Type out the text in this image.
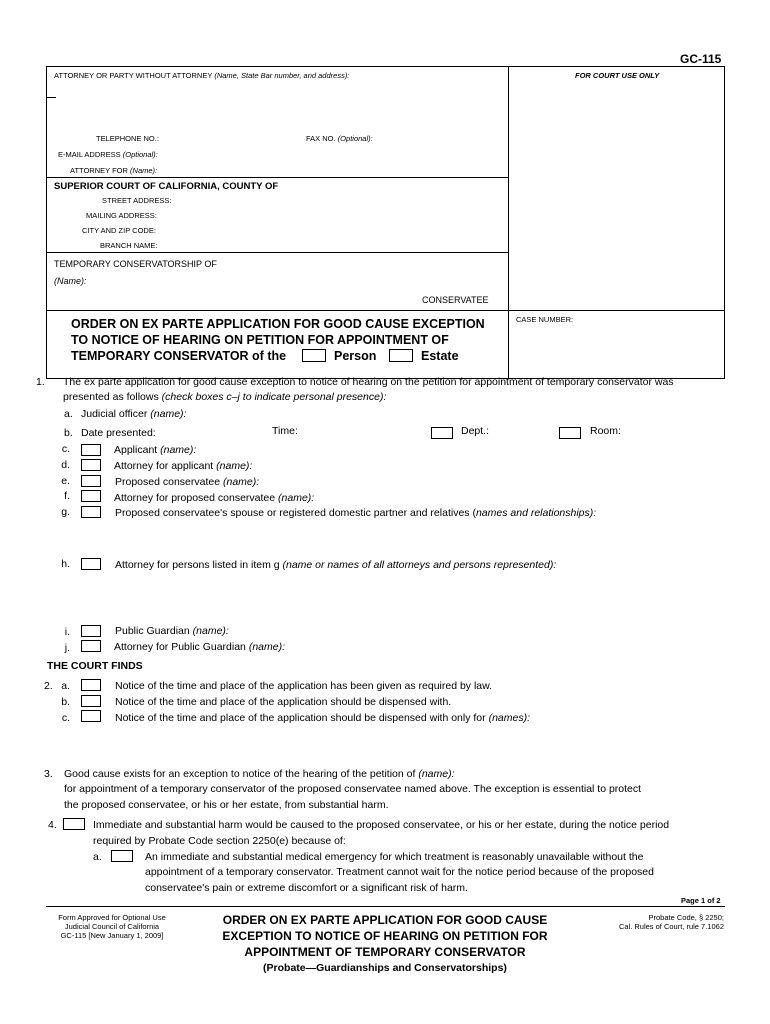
GC-115
ATTORNEY OR PARTY WITHOUT ATTORNEY (Name, State Bar number, and address):	FOR COURT USE ONLY
TELEPHONE NO.:	FAX NO. (Optional):
E-MAIL ADDRESS (Optional):
ATTORNEY FOR (Name):
SUPERIOR COURT OF CALIFORNIA, COUNTY OF
STREET ADDRESS:
MAILING ADDRESS:
CITY AND ZIP CODE:
BRANCH NAME:
TEMPORARY CONSERVATORSHIP OF
(Name):
CONSERVATEE
ORDER ON EX PARTE APPLICATION FOR GOOD CAUSE EXCEPTION
TO NOTICE OF HEARING ON PETITION FOR APPOINTMENT OF
TEMPORARY CONSERVATOR of the	Person	Estate
CASE NUMBER:
1. The ex parte application for good cause exception to notice of hearing on the petition for appointment of temporary conservator was
presented as follows (check boxes c–j to indicate personal presence):
a. Judicial officer (name):
b. Date presented:	Time:	Dept.:	Room:
c.	Applicant (name):
d.	Attorney for applicant (name):
e.	Proposed conservatee (name):
f.	Attorney for proposed conservatee (name):
g.	Proposed conservatee's spouse or registered domestic partner and relatives (names and relationships):
h.	Attorney for persons listed in item g (name or names of all attorneys and persons represented):
i.	Public Guardian (name):
j.	Attorney for Public Guardian (name):
THE COURT FINDS
2. a.	Notice of the time and place of the application has been given as required by law.
b.	Notice of the time and place of the application should be dispensed with.
c.	Notice of the time and place of the application should be dispensed with only for (names):
3. Good cause exists for an exception to notice of the hearing of the petition of (name):
for appointment of a temporary conservator of the proposed conservatee named above. The exception is essential to protect
the proposed conservatee, or his or her estate, from substantial harm.
4.	Immediate and substantial harm would be caused to the proposed conservatee, or his or her estate, during the notice period
required by Probate Code section 2250(e) because of:
a.	An immediate and substantial medical emergency for which treatment is reasonably unavailable without the
appointment of a temporary conservator. Treatment cannot wait for the notice period because of the proposed
conservatee's pain or extreme discomfort or a significant risk of harm.
Page 1 of 2
Form Approved for Optional Use
Judicial Council of California
GC-115 [New January 1, 2009]
ORDER ON EX PARTE APPLICATION FOR GOOD CAUSE
EXCEPTION TO NOTICE OF HEARING ON PETITION FOR
APPOINTMENT OF TEMPORARY CONSERVATOR
(Probate—Guardianships and Conservatorships)
Probate Code, § 2250;
Cal. Rules of Court, rule 7.1062
